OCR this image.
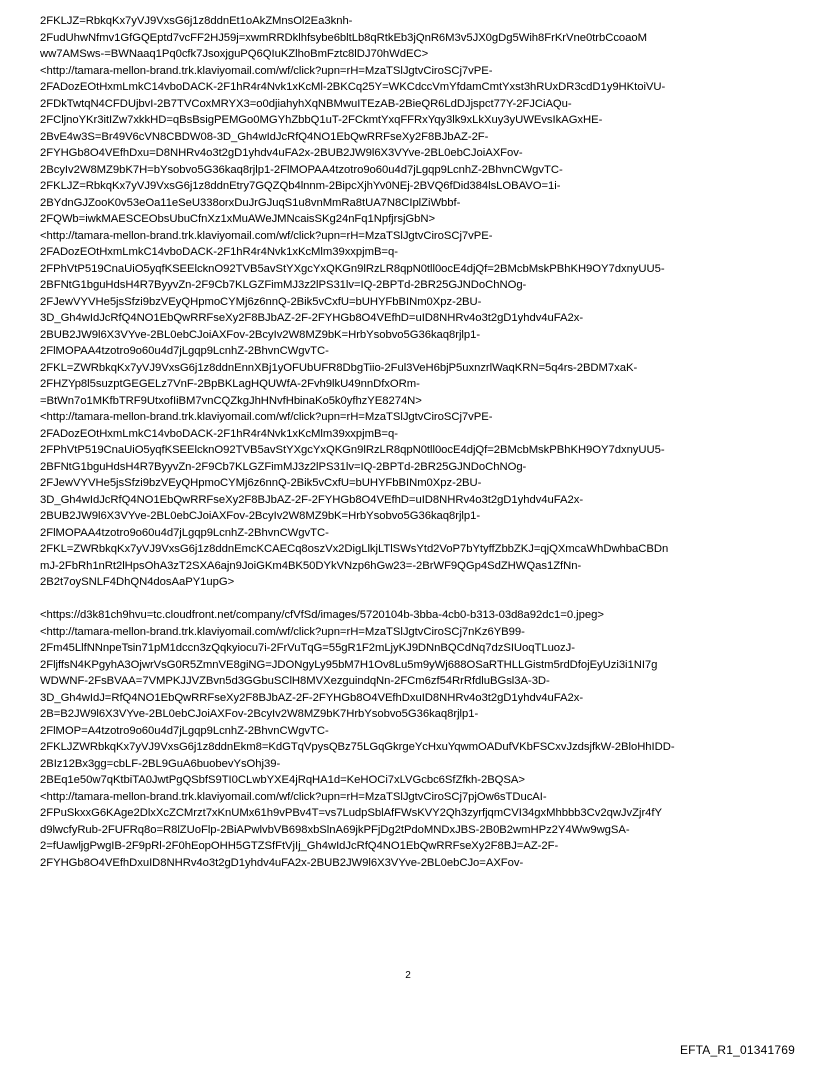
2FKLJZ=RbkqKx7yVJ9VxsG6j1z8ddnEt1oAkZMnsOl2Ea3knh-
2FudUhwNfmv1GfGQEptd7vcFF2HJ59j=xwmRRDklhfsybe6bltLb8qRtkEb3jQnR6M3v5JX0gDg5Wih8FrKrVne0trbCcoaoM
ww7AMSws-=BWNaaq1Pq0cfk7JsoxjguPQ6QIuKZlhoBmFztc8lDJ70hWdEC>
<http://tamara-mellon-brand.trk.klaviyomail.com/wf/click?upn=rH=MzaTSlJgtvCiroSCj7vPE-
2FADozEOtHxmLmkC14vboDACK-2F1hR4r4Nvk1xKcMl-2BKCq25Y=WKCdccVmYfdamCmtYxst3hRUxDR3cdD1y9HKtoiVU-
2FDkTwtqN4CFDUjbvI-2B7TVCoxMRYX3=o0djiahyhXqNBMwuITEzAB-2BieQR6LdDJjspct77Y-2FJCiAQu-
2FCljnoYKr3itIZw7xkkHD=qBsBsigPEMGo0MGYhZbbQ1uT-2FCkmtYxqFFRxYqy3lk9xLkXuy3yUWEvsIkAGxHE-
2BvE4w3S=Br49V6cVN8CBDW08-3D_Gh4wIdJcRfQ4NO1EbQwRRFseXy2F8BJbAZ-2F-
2FYHGb8O4VEfhDxu=D8NHRv4o3t2gD1yhdv4uFA2x-2BUB2JW9l6X3VYve-2BL0ebCJoiAXFov-
2BcyIv2W8MZ9bK7H=bYsobvo5G36kaq8rjlp1-2FlMOPAA4tzotro9o60u4d7jLgqp9LcnhZ-2BhvnCWgvTC-
2FKLJZ=RbkqKx7yVJ9VxsG6j1z8ddnEtry7GQZQb4lnnm-2BipcXjhYv0NEj-2BVQ6fDid384lsLOBAVO=1i-
2BYdnGJZooK0v53eOa11eSeU338orxDuJrGJuqS1u8vnMmRa8tUA7N8CIplZiWbbf-
2FQWb=iwkMAESCEObsUbuCfnXz1xMuAWeJMNcaisSKg24nFq1NpfjrsjGbN>
<http://tamara-mellon-brand.trk.klaviyomail.com/wf/click?upn=rH=MzaTSlJgtvCiroSCj7vPE-
2FADozEOtHxmLmkC14vboDACK-2F1hR4r4Nvk1xKcMlm39xxpjmB=q-
2FPhVtP519CnaUiO5yqfKSEElcknO92TVB5avStYXgcYxQKGn9lRzLR8qpN0tll0ocE4djQf=2BMcbMskPBhKH9OY7dxnyUU5-
2BFNtG1bguHdsH4R7ByyvZn-2F9Cb7KLGZFimMJ3z2lPS31lv=IQ-2BPTd-2BR25GJNDoChNOg-
2FJewVYVHe5jsSfzi9bzVEyQHpmoCYMj6z6nnQ-2Bik5vCxfU=bUHYFbBINm0Xpz-2BU-
3D_Gh4wIdJcRfQ4NO1EbQwRRFseXy2F8BJbAZ-2F-2FYHGb8O4VEfhD=uID8NHRv4o3t2gD1yhdv4uFA2x-
2BUB2JW9l6X3VYve-2BL0ebCJoiAXFov-2BcyIv2W8MZ9bK=HrbYsobvo5G36kaq8rjlp1-
2FlMOPAA4tzotro9o60u4d7jLgqp9LcnhZ-2BhvnCWgvTC-
2FKL=ZWRbkqKx7yVJ9VxsG6j1z8ddnEnnXBj1yOFUbUFR8DbgTiio-2Ful3VeH6bjP5uxnzrlWaqKRN=5q4rs-2BDM7xaK-
2FHZYp8l5suzptGEGELz7VnF-2BpBKLagHQUWfA-2Fvh9lkU49nnDfxORm-
=BtWn7o1MKfbTRF9UtxofIiBM7vnCQZkgJhHNvfHbinaKo5k0yfhzYE8274N>
<http://tamara-mellon-brand.trk.klaviyomail.com/wf/click?upn=rH=MzaTSlJgtvCiroSCj7vPE-
2FADozEOtHxmLmkC14vboDACK-2F1hR4r4Nvk1xKcMlm39xxpjmB=q-
2FPhVtP519CnaUiO5yqfKSEElcknO92TVB5avStYXgcYxQKGn9lRzLR8qpN0tll0ocE4djQf=2BMcbMskPBhKH9OY7dxnyUU5-
2BFNtG1bguHdsH4R7ByyvZn-2F9Cb7KLGZFimMJ3z2lPS31lv=IQ-2BPTd-2BR25GJNDoChNOg-
2FJewVYVHe5jsSfzi9bzVEyQHpmoCYMj6z6nnQ-2Bik5vCxfU=bUHYFbBINm0Xpz-2BU-
3D_Gh4wIdJcRfQ4NO1EbQwRRFseXy2F8BJbAZ-2F-2FYHGb8O4VEfhD=uID8NHRv4o3t2gD1yhdv4uFA2x-
2BUB2JW9l6X3VYve-2BL0ebCJoiAXFov-2BcyIv2W8MZ9bK=HrbYsobvo5G36kaq8rjlp1-
2FlMOPAA4tzotro9o60u4d7jLgqp9LcnhZ-2BhvnCWgvTC-
2FKL=ZWRbkqKx7yVJ9VxsG6j1z8ddnEmcKCAECq8oszVx2DigLlkjLTlSWsYtd2VoP7bYtyffZbbZKJ=qjQXmcaWhDwhbaCBDn
mJ-2FbRh1nRt2lHpsOhA3zT2SXA6ajn9JoiGKm4BK50DYkVNzp6hGw23=-2BrWF9QGp4SdZHWQas1ZfNn-
2B2t7oySNLF4DhQN4dosAaPY1upG>
<https://d3k81ch9hvu=tc.cloudfront.net/company/cfVfSd/images/5720104b-3bba-4cb0-b313-03d8a92dc1=0.jpeg>
<http://tamara-mellon-brand.trk.klaviyomail.com/wf/click?upn=rH=MzaTSlJgtvCiroSCj7nKz6YB99-
2Fm45LlfNNnpeTsin71pM1dccn3zQqkyiocu7i-2FrVuTqG=55gR1F2mLjyKJ9DNnBQCdNq7dzSIUoqTLuozJ-
2FljffsN4KPgyhA3OjwrVsG0R5ZmnVE8giNG=JDONgyLy95bM7H1Ov8Lu5m9yWj688OSaRTHLLGistm5rdDfojEyUzi3i1NI7g
WDWNF-2FsBVAA=7VMPKJJVZBvn5d3GGbuSClH8MVXezguindqNn-2FCm6zf54RrRfdluBGsl3A-3D-
3D_Gh4wIdJ=RfQ4NO1EbQwRRFseXy2F8BJbAZ-2F-2FYHGb8O4VEfhDxuID8NHRv4o3t2gD1yhdv4uFA2x-
2B=B2JW9l6X3VYve-2BL0ebCJoiAXFov-2BcyIv2W8MZ9bK7HrbYsobvo5G36kaq8rjlp1-
2FlMOP=A4tzotro9o60u4d7jLgqp9LcnhZ-2BhvnCWgvTC-
2FKLJZWRbkqKx7yVJ9VxsG6j1z8ddnEkm8=KdGTqVpysQBz75LGqGkrgeYcHxuYqwmOADufVKbFSCxvJzdsjfkW-2BloHhIDD-
2BIz12Bx3gg=cbLF-2BL9GuA6buobevYsOhj39-
2BEq1e50w7qKtbiTA0JwtPgQSbfS9TI0CLwbYXE4jRqHA1d=KeHOCi7xLVGcbc6SfZfkh-2BQSA>
<http://tamara-mellon-brand.trk.klaviyomail.com/wf/click?upn=rH=MzaTSlJgtvCiroSCj7pjOw6sTDucAI-
2FPuSkxxG6KAge2DlxXcZCMrzt7xKnUMx61h9vPBv4T=vs7LudpSblAfFWsKVY2Qh3zyrfjqmCVI34gxMhbbb3Cv2qwJvZjr4fY
d9lwcfyRub-2FUFRq8o=R8lZUoFlp-2BiAPwlvbVB698xbSlnA69jkPFjDg2tPdoMNDxJBS-2B0B2wmHPz2Y4Ww9wgSA-
2=fUawljgPwgIB-2F9pRl-2F0hEopOHH5GTZSfFtVjIj_Gh4wIdJcRfQ4NO1EbQwRRFseXy2F8BJ=AZ-2F-
2FYHGb8O4VEfhDxuID8NHRv4o3t2gD1yhdv4uFA2x-2BUB2JW9l6X3VYve-2BL0ebCJo=AXFov-
2
EFTA_R1_01341769
